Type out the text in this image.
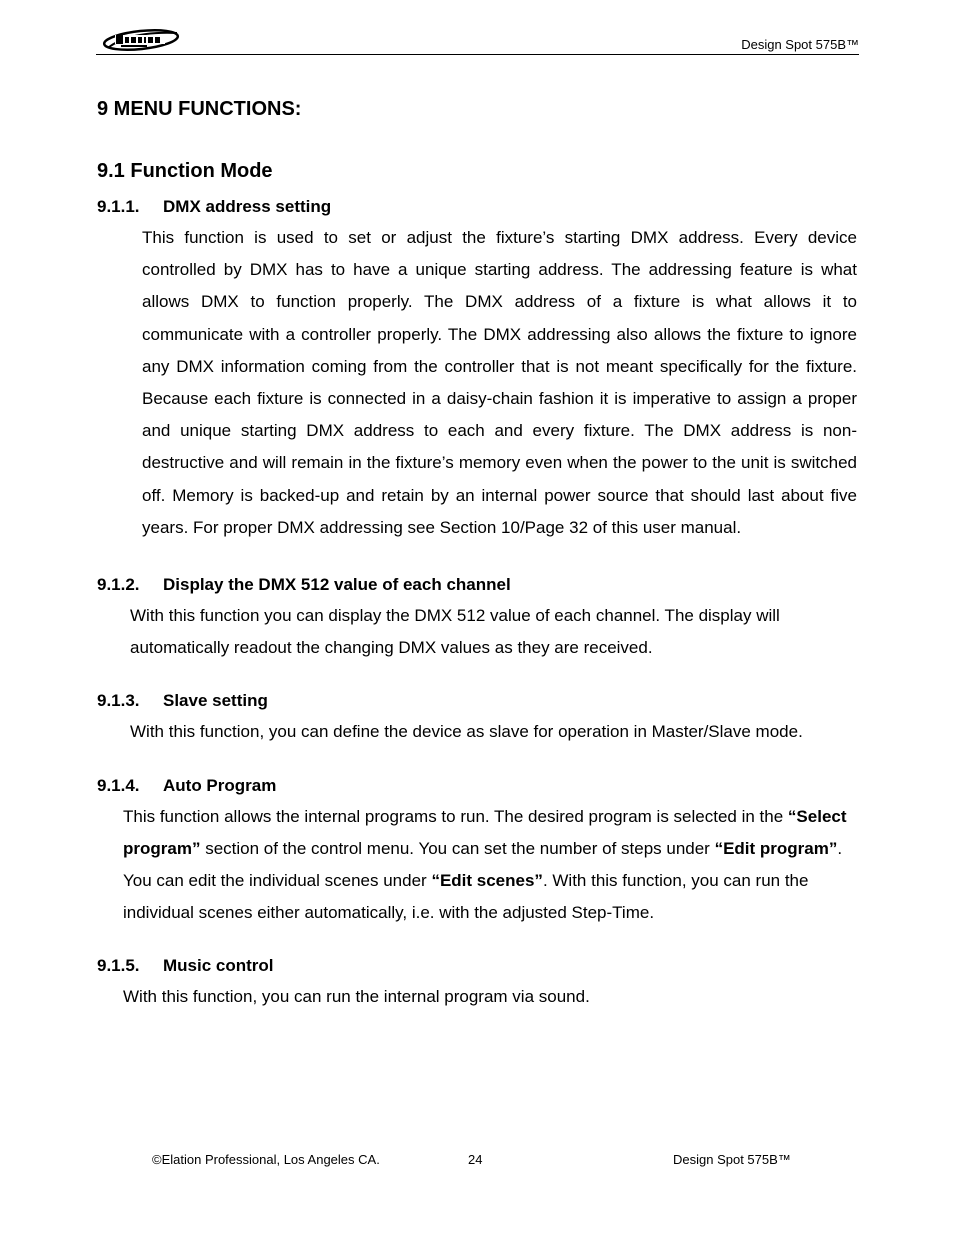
Design Spot 575B™
9 MENU FUNCTIONS:
9.1 Function Mode
9.1.1.	DMX address setting

This function is used to set or adjust the fixture’s starting DMX address. Every device controlled by DMX has to have a unique starting address. The addressing feature is what allows DMX to function properly. The DMX address of a fixture is what allows it to communicate with a controller properly. The DMX addressing also allows the fixture to ignore any DMX information coming from the controller that is not meant specifically for the fixture. Because each fixture is connected in a daisy-chain fashion it is imperative to assign a proper and unique starting DMX address to each and every fixture. The DMX address is non-destructive and will remain in the fixture’s memory even when the power to the unit is switched off. Memory is backed-up and retain by an internal power source that should last about five years. For proper DMX addressing see Section 10/Page 32 of this user manual.

9.1.2.	Display the DMX 512 value of each channel

With this function you can display the DMX 512 value of each channel. The display will automatically readout the changing DMX values as they are received.

9.1.3.	Slave setting

With this function, you can define the device as slave for operation in Master/Slave mode.

9.1.4.	Auto Program

This function allows the internal programs to run. The desired program is selected in the “Select program” section of the control menu. You can set the number of steps under “Edit program”. You can edit the individual scenes under “Edit scenes”. With this function, you can run the individual scenes either automatically, i.e. with the adjusted Step-Time.

9.1.5.	Music control

With this function, you can run the internal program via sound.

©Elation Professional, Los Angeles CA.	24	Design Spot 575B™
